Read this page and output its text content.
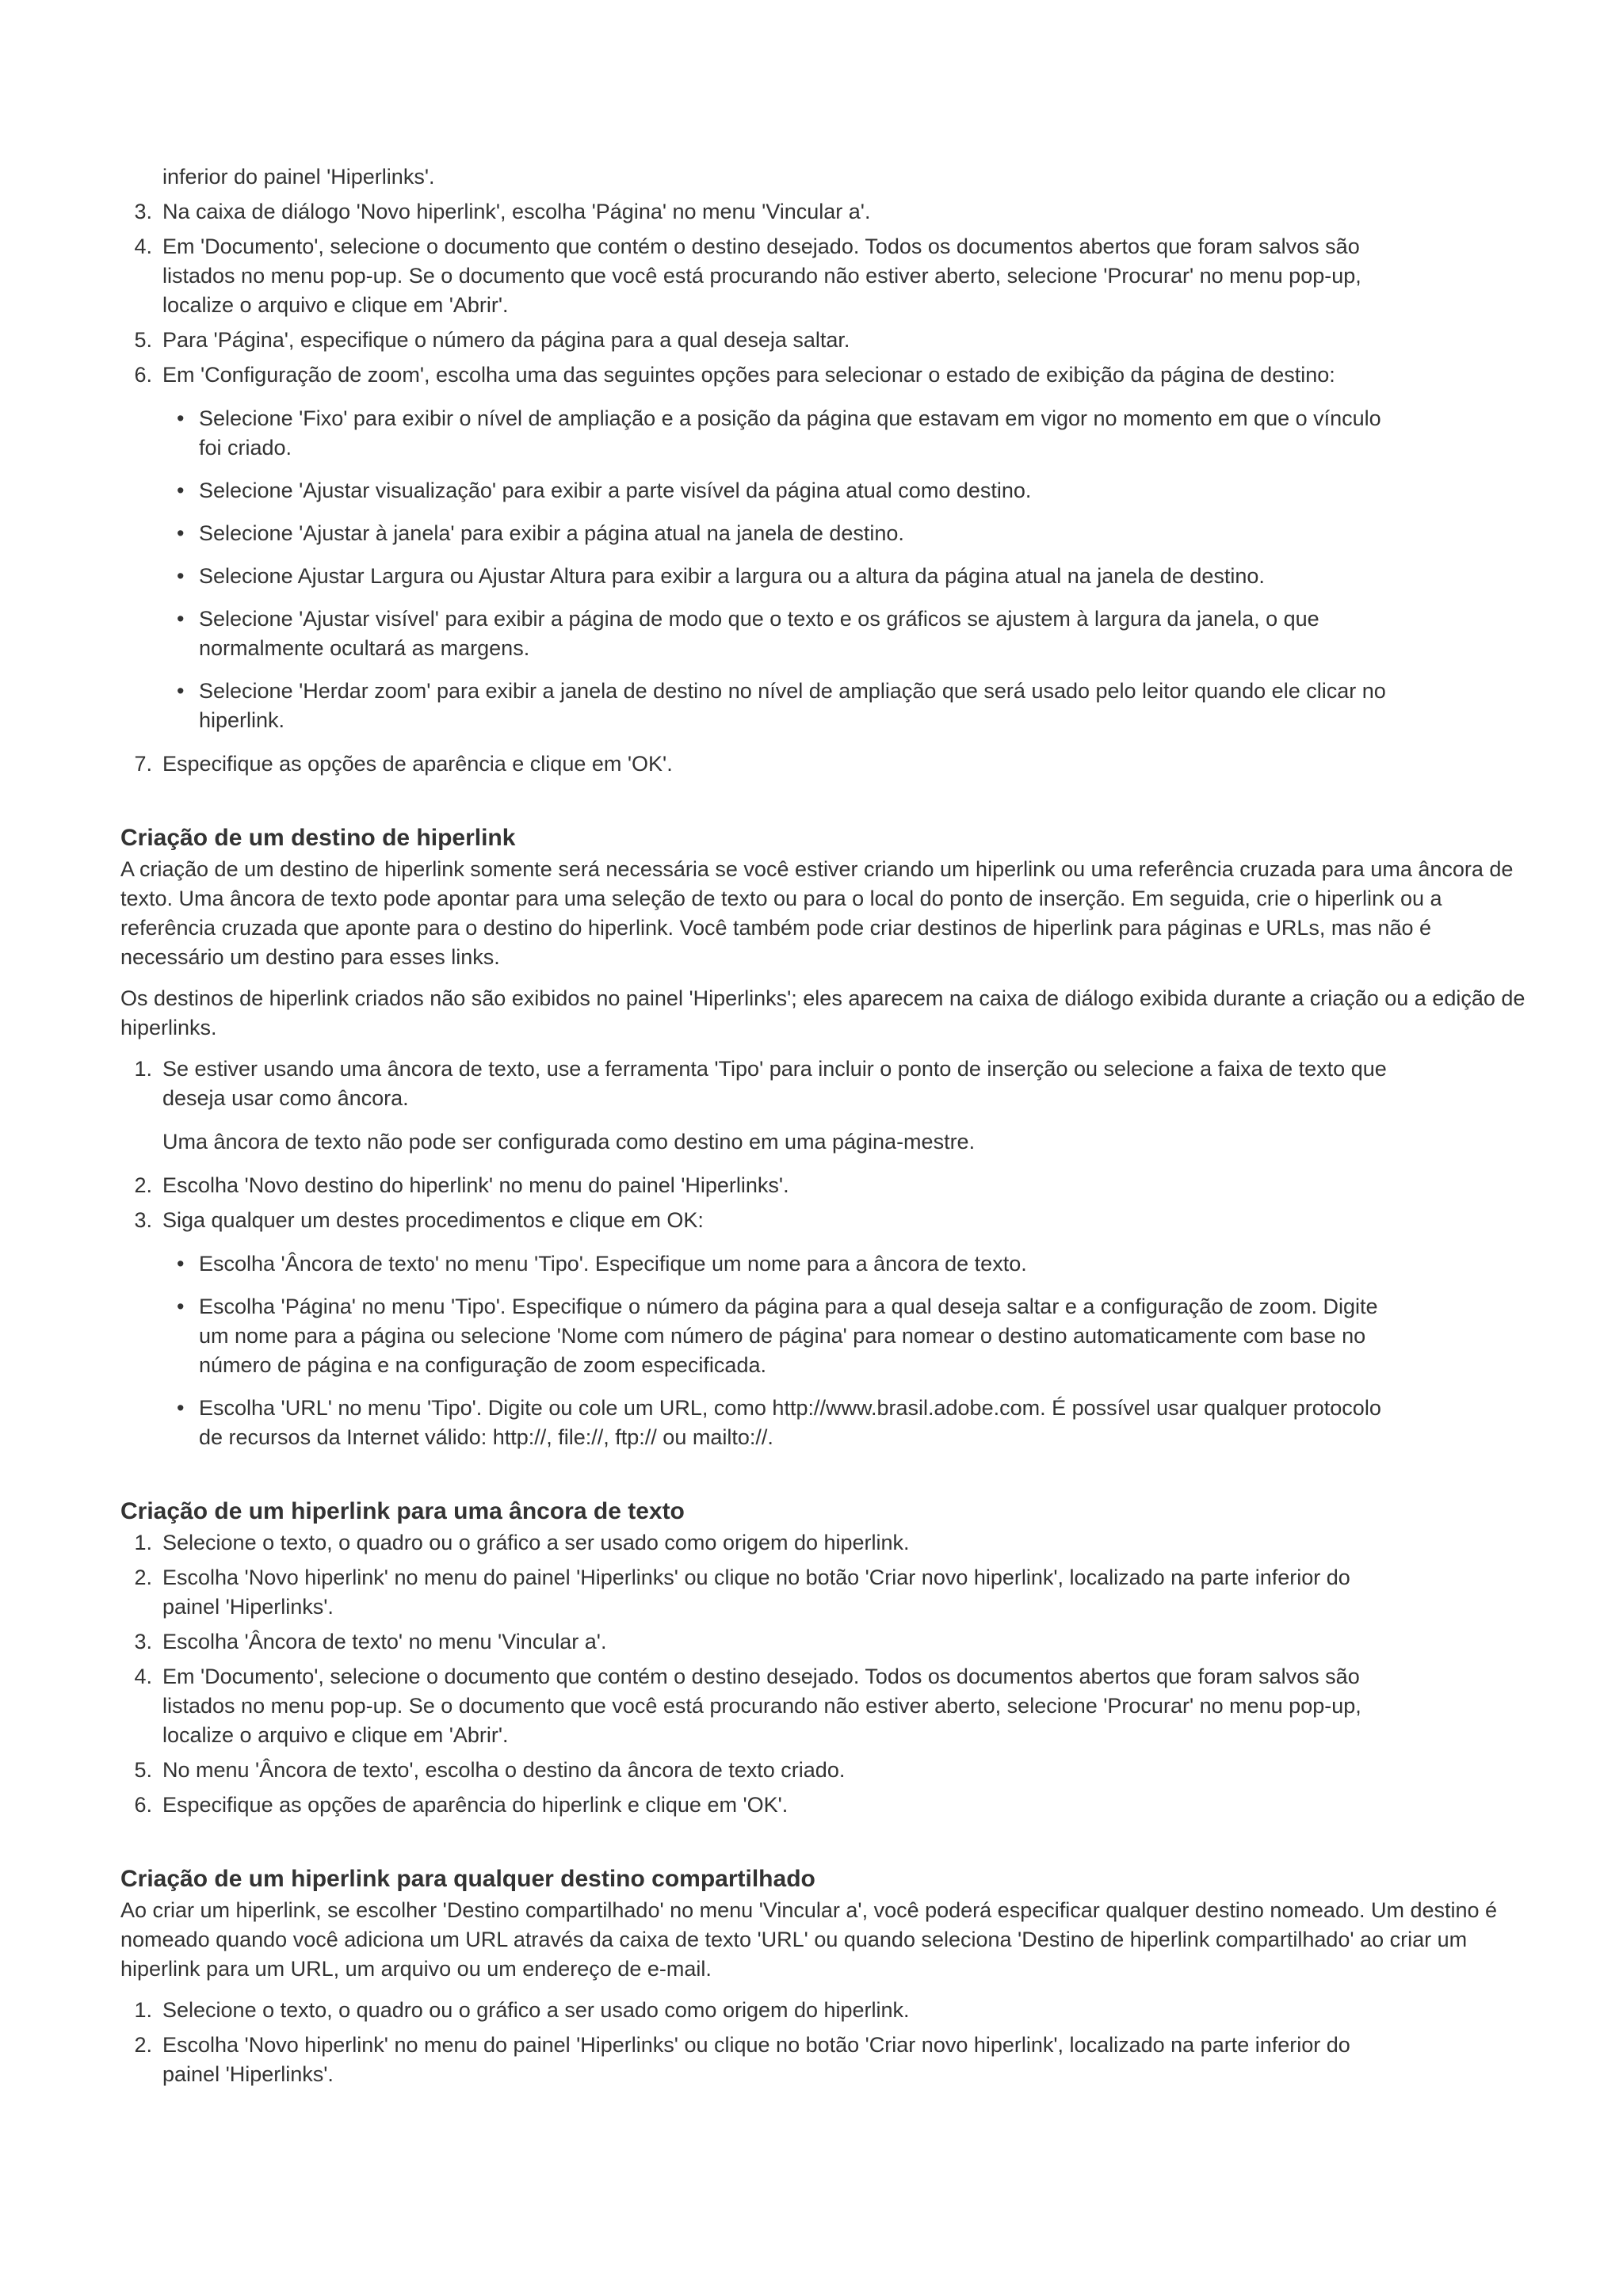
inferior do painel 'Hiperlinks'.
3. Na caixa de diálogo 'Novo hiperlink', escolha 'Página' no menu 'Vincular a'.
4. Em 'Documento', selecione o documento que contém o destino desejado. Todos os documentos abertos que foram salvos são listados no menu pop-up. Se o documento que você está procurando não estiver aberto, selecione 'Procurar' no menu pop-up, localize o arquivo e clique em 'Abrir'.
5. Para 'Página', especifique o número da página para a qual deseja saltar.
6. Em 'Configuração de zoom', escolha uma das seguintes opções para selecionar o estado de exibição da página de destino:
• Selecione 'Fixo' para exibir o nível de ampliação e a posição da página que estavam em vigor no momento em que o vínculo foi criado.
• Selecione 'Ajustar visualização' para exibir a parte visível da página atual como destino.
• Selecione 'Ajustar à janela' para exibir a página atual na janela de destino.
• Selecione Ajustar Largura ou Ajustar Altura para exibir a largura ou a altura da página atual na janela de destino.
• Selecione 'Ajustar visível' para exibir a página de modo que o texto e os gráficos se ajustem à largura da janela, o que normalmente ocultará as margens.
• Selecione 'Herdar zoom' para exibir a janela de destino no nível de ampliação que será usado pelo leitor quando ele clicar no hiperlink.
7. Especifique as opções de aparência e clique em 'OK'.
Criação de um destino de hiperlink

A criação de um destino de hiperlink somente será necessária se você estiver criando um hiperlink ou uma referência cruzada para uma âncora de texto. Uma âncora de texto pode apontar para uma seleção de texto ou para o local do ponto de inserção. Em seguida, crie o hiperlink ou a referência cruzada que aponte para o destino do hiperlink. Você também pode criar destinos de hiperlink para páginas e URLs, mas não é necessário um destino para esses links.

Os destinos de hiperlink criados não são exibidos no painel 'Hiperlinks'; eles aparecem na caixa de diálogo exibida durante a criação ou a edição de hiperlinks.

1. Se estiver usando uma âncora de texto, use a ferramenta 'Tipo' para incluir o ponto de inserção ou selecione a faixa de texto que deseja usar como âncora.
Uma âncora de texto não pode ser configurada como destino em uma página-mestre.
2. Escolha 'Novo destino do hiperlink' no menu do painel 'Hiperlinks'.
3. Siga qualquer um destes procedimentos e clique em OK:
• Escolha 'Âncora de texto' no menu 'Tipo'. Especifique um nome para a âncora de texto.
• Escolha 'Página' no menu 'Tipo'. Especifique o número da página para a qual deseja saltar e a configuração de zoom. Digite um nome para a página ou selecione 'Nome com número de página' para nomear o destino automaticamente com base no número de página e na configuração de zoom especificada.
• Escolha 'URL' no menu 'Tipo'. Digite ou cole um URL, como http://www.brasil.adobe.com. É possível usar qualquer protocolo de recursos da Internet válido: http://, file://, ftp:// ou mailto://.
Criação de um hiperlink para uma âncora de texto
1. Selecione o texto, o quadro ou o gráfico a ser usado como origem do hiperlink.
2. Escolha 'Novo hiperlink' no menu do painel 'Hiperlinks' ou clique no botão 'Criar novo hiperlink', localizado na parte inferior do painel 'Hiperlinks'.
3. Escolha 'Âncora de texto' no menu 'Vincular a'.
4. Em 'Documento', selecione o documento que contém o destino desejado. Todos os documentos abertos que foram salvos são listados no menu pop-up. Se o documento que você está procurando não estiver aberto, selecione 'Procurar' no menu pop-up, localize o arquivo e clique em 'Abrir'.
5. No menu 'Âncora de texto', escolha o destino da âncora de texto criado.
6. Especifique as opções de aparência do hiperlink e clique em 'OK'.
Criação de um hiperlink para qualquer destino compartilhado

Ao criar um hiperlink, se escolher 'Destino compartilhado' no menu 'Vincular a', você poderá especificar qualquer destino nomeado. Um destino é nomeado quando você adiciona um URL através da caixa de texto 'URL' ou quando seleciona 'Destino de hiperlink compartilhado' ao criar um hiperlink para um URL, um arquivo ou um endereço de e-mail.

1. Selecione o texto, o quadro ou o gráfico a ser usado como origem do hiperlink.
2. Escolha 'Novo hiperlink' no menu do painel 'Hiperlinks' ou clique no botão 'Criar novo hiperlink', localizado na parte inferior do painel 'Hiperlinks'.
